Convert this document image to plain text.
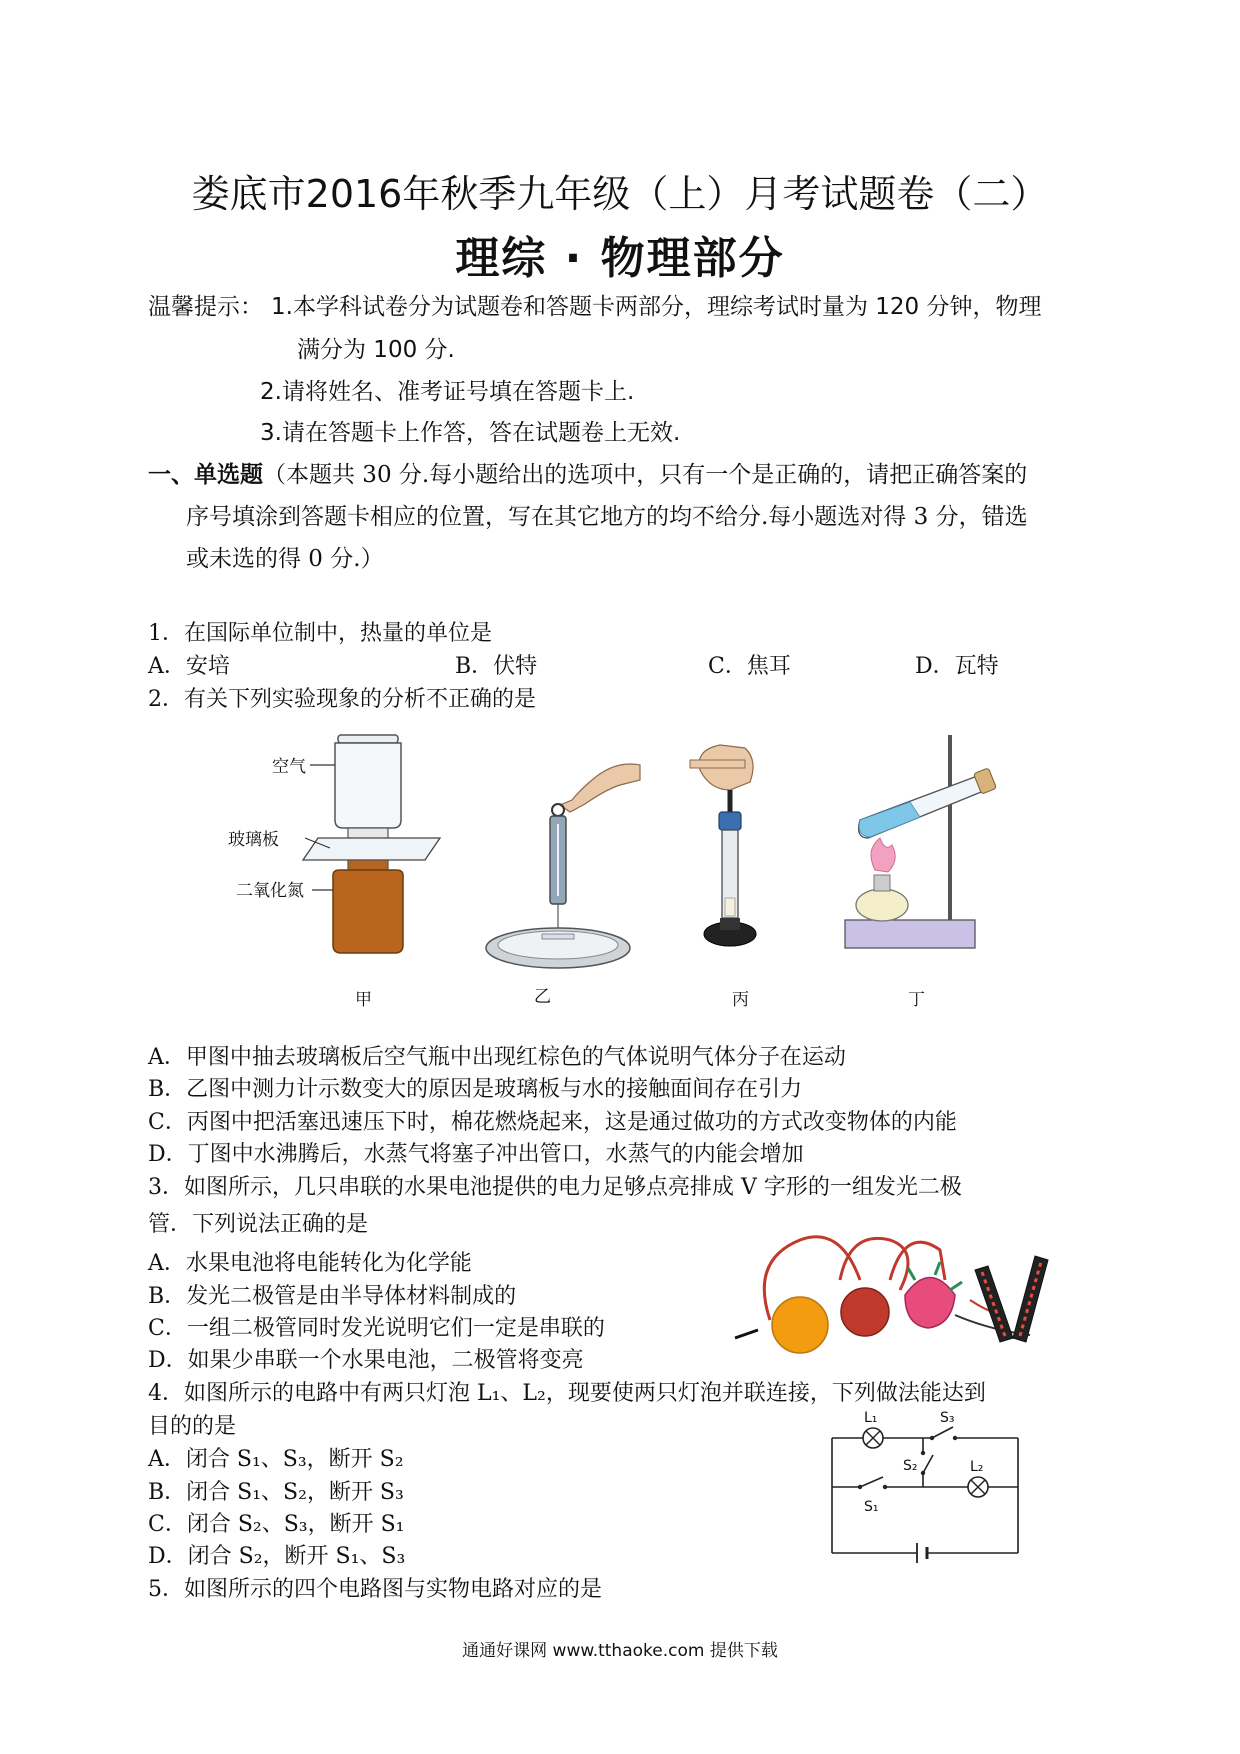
娄底市2016年秋季九年级（上）月考试题卷（二）
理综 · 物理部分
温馨提示： 1.本学科试卷分为试题卷和答题卡两部分，理综考试时量为 120 分钟，物理
满分为 100 分.
2.请将姓名、准考证号填在答题卡上.
3.请在答题卡上作答，答在试题卷上无效.
一、单选题（本题共 30 分.每小题给出的选项中，只有一个是正确的，请把正确答案的
序号填涂到答题卡相应的位置，写在其它地方的均不给分.每小题选对得 3 分，错选
或未选的得 0 分.）
1．在国际单位制中，热量的单位是
A．安培	B．伏特	C．焦耳	D．瓦特
2．有关下列实验现象的分析不正确的是
空气
玻璃板
二氧化氮
甲	乙	丙	丁
A．甲图中抽去玻璃板后空气瓶中出现红棕色的气体说明气体分子在运动
B．乙图中测力计示数变大的原因是玻璃板与水的接触面间存在引力
C．丙图中把活塞迅速压下时，棉花燃烧起来，这是通过做功的方式改变物体的内能
D．丁图中水沸腾后，水蒸气将塞子冲出管口，水蒸气的内能会增加
3．如图所示，几只串联的水果电池提供的电力足够点亮排成 V 字形的一组发光二极
管．下列说法正确的是
A．水果电池将电能转化为化学能
B．发光二极管是由半导体材料制成的
C．一组二极管同时发光说明它们一定是串联的
D．如果少串联一个水果电池，二极管将变亮
4．如图所示的电路中有两只灯泡 L₁、L₂，现要使两只灯泡并联连接，下列做法能达到
目的的是
A．闭合 S₁、S₃，断开 S₂
B．闭合 S₁、S₂，断开 S₃
C．闭合 S₂、S₃，断开 S₁
D．闭合 S₂，断开 S₁、S₃
L₁	S₃
S₂	L₂
S₁
5．如图所示的四个电路图与实物电路对应的是
通通好课网 www.tthaoke.com 提供下载
